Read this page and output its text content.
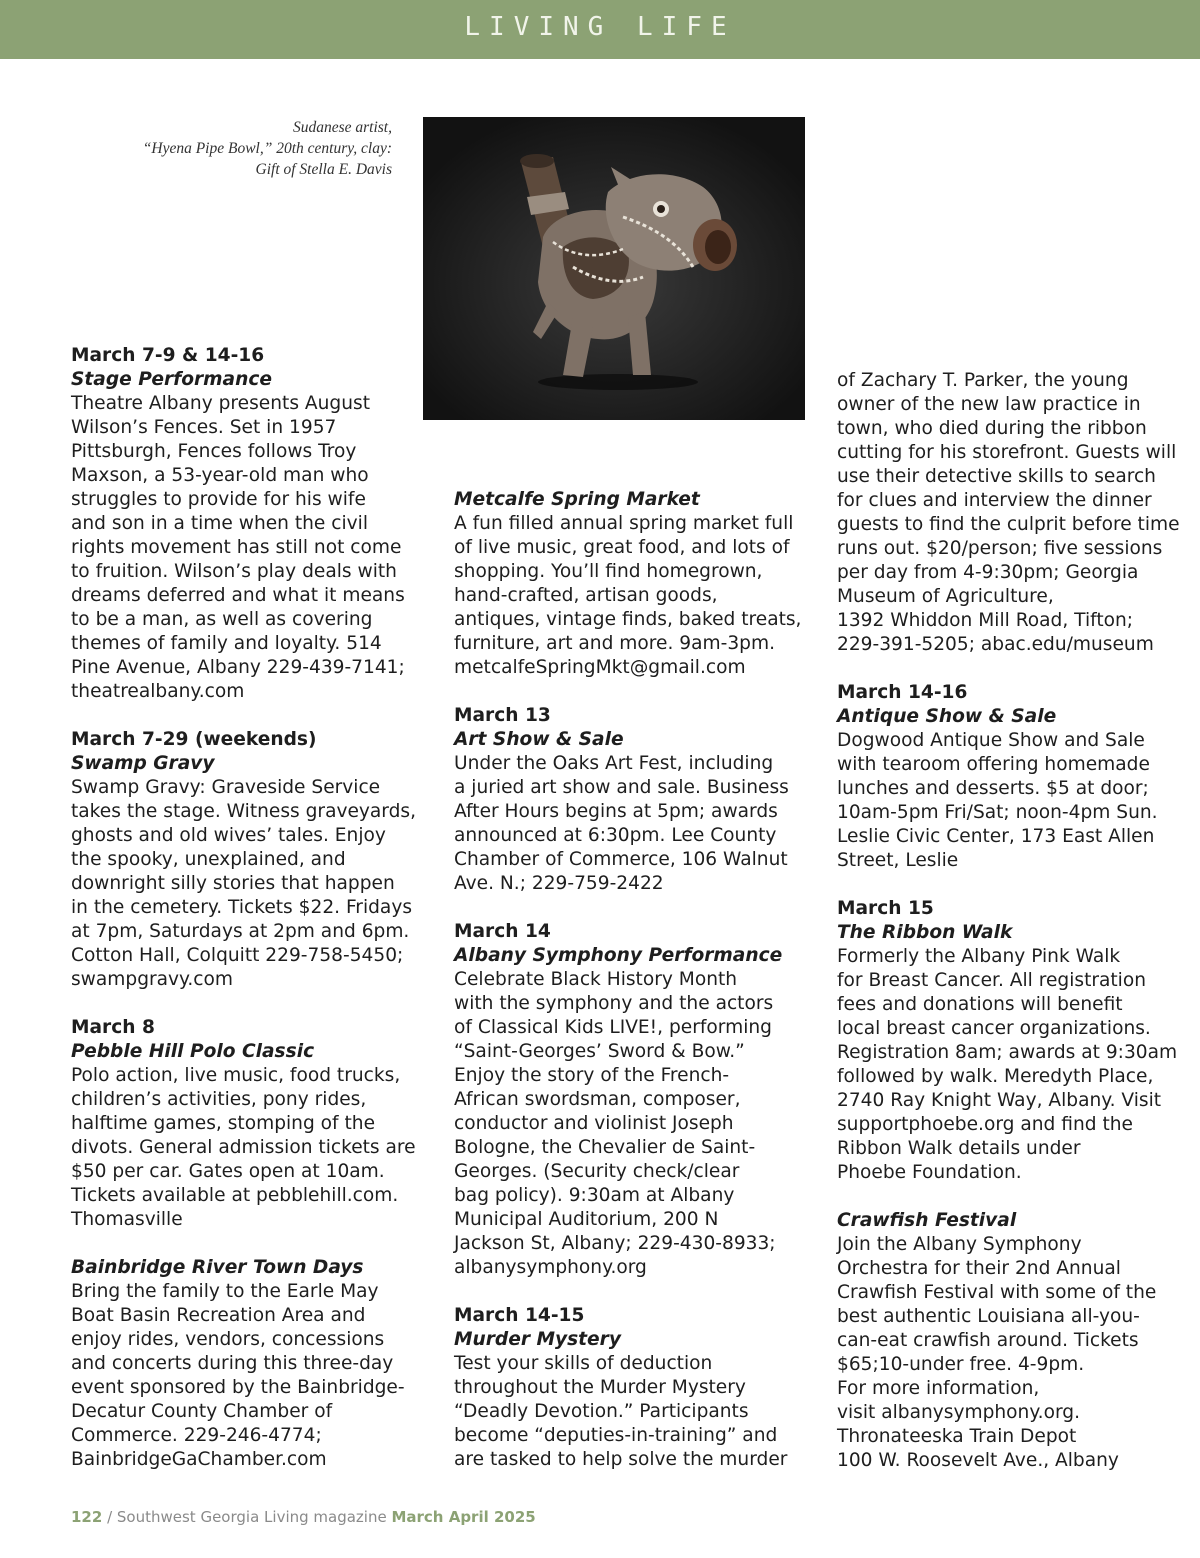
LIVING LIFE
Sudanese artist,
“Hyena Pipe Bowl,” 20th century, clay:
Gift of Stella E. Davis
March 7-9 & 14-16
Stage Performance
Theatre Albany presents August
Wilson’s Fences. Set in 1957
Pittsburgh, Fences follows Troy
Maxson, a 53-year-old man who
struggles to provide for his wife
and son in a time when the civil
rights movement has still not come
to fruition. Wilson’s play deals with
dreams deferred and what it means
to be a man, as well as covering
themes of family and loyalty. 514
Pine Avenue, Albany 229-439-7141;
theatrealbany.com
March 7-29 (weekends)
Swamp Gravy
Swamp Gravy: Graveside Service
takes the stage. Witness graveyards,
ghosts and old wives’ tales. Enjoy
the spooky, unexplained, and
downright silly stories that happen
in the cemetery. Tickets $22. Fridays
at 7pm, Saturdays at 2pm and 6pm.
Cotton Hall, Colquitt 229-758-5450;
swampgravy.com
March 8
Pebble Hill Polo Classic
Polo action, live music, food trucks,
children’s activities, pony rides,
halftime games, stomping of the
divots. General admission tickets are
$50 per car. Gates open at 10am.
Tickets available at pebblehill.com.
Thomasville
Bainbridge River Town Days
Bring the family to the Earle May
Boat Basin Recreation Area and
enjoy rides, vendors, concessions
and concerts during this three-day
event sponsored by the Bainbridge-
Decatur County Chamber of
Commerce. 229-246-4774;
BainbridgeGaChamber.com
Metcalfe Spring Market
A fun filled annual spring market full
of live music, great food, and lots of
shopping. You’ll find homegrown,
hand-crafted, artisan goods,
antiques, vintage finds, baked treats,
furniture, art and more. 9am-3pm.
metcalfeSpringMkt@gmail.com
March 13
Art Show & Sale
Under the Oaks Art Fest, including
a juried art show and sale. Business
After Hours begins at 5pm; awards
announced at 6:30pm. Lee County
Chamber of Commerce, 106 Walnut
Ave. N.; 229-759-2422
March 14
Albany Symphony Performance
Celebrate Black History Month
with the symphony and the actors
of Classical Kids LIVE!, performing
“Saint-Georges’ Sword & Bow.”
Enjoy the story of the French-
African swordsman, composer,
conductor and violinist Joseph
Bologne, the Chevalier de Saint-
Georges. (Security check/clear
bag policy). 9:30am at Albany
Municipal Auditorium, 200 N
Jackson St, Albany; 229-430-8933;
albanysymphony.org
March 14-15
Murder Mystery
Test your skills of deduction
throughout the Murder Mystery
“Deadly Devotion.” Participants
become “deputies-in-training” and
are tasked to help solve the murder
of Zachary T. Parker, the young
owner of the new law practice in
town, who died during the ribbon
cutting for his storefront. Guests will
use their detective skills to search
for clues and interview the dinner
guests to find the culprit before time
runs out. $20/person; five sessions
per day from 4-9:30pm; Georgia
Museum of Agriculture,
1392 Whiddon Mill Road, Tifton;
229-391-5205; abac.edu/museum
March 14-16
Antique Show & Sale
Dogwood Antique Show and Sale
with tearoom offering homemade
lunches and desserts. $5 at door;
10am-5pm Fri/Sat; noon-4pm Sun.
Leslie Civic Center, 173 East Allen
Street, Leslie
March 15
The Ribbon Walk
Formerly the Albany Pink Walk
for Breast Cancer. All registration
fees and donations will benefit
local breast cancer organizations.
Registration 8am; awards at 9:30am
followed by walk. Meredyth Place,
2740 Ray Knight Way, Albany. Visit
supportphoebe.org and find the
Ribbon Walk details under
Phoebe Foundation.
Crawfish Festival
Join the Albany Symphony
Orchestra for their 2nd Annual
Crawfish Festival with some of the
best authentic Louisiana all-you-
can-eat crawfish around. Tickets
$65;10-under free. 4-9pm.
For more information,
visit albanysymphony.org.
Thronateeska Train Depot
100 W. Roosevelt Ave., Albany
122 / Southwest Georgia Living magazine March April 2025
